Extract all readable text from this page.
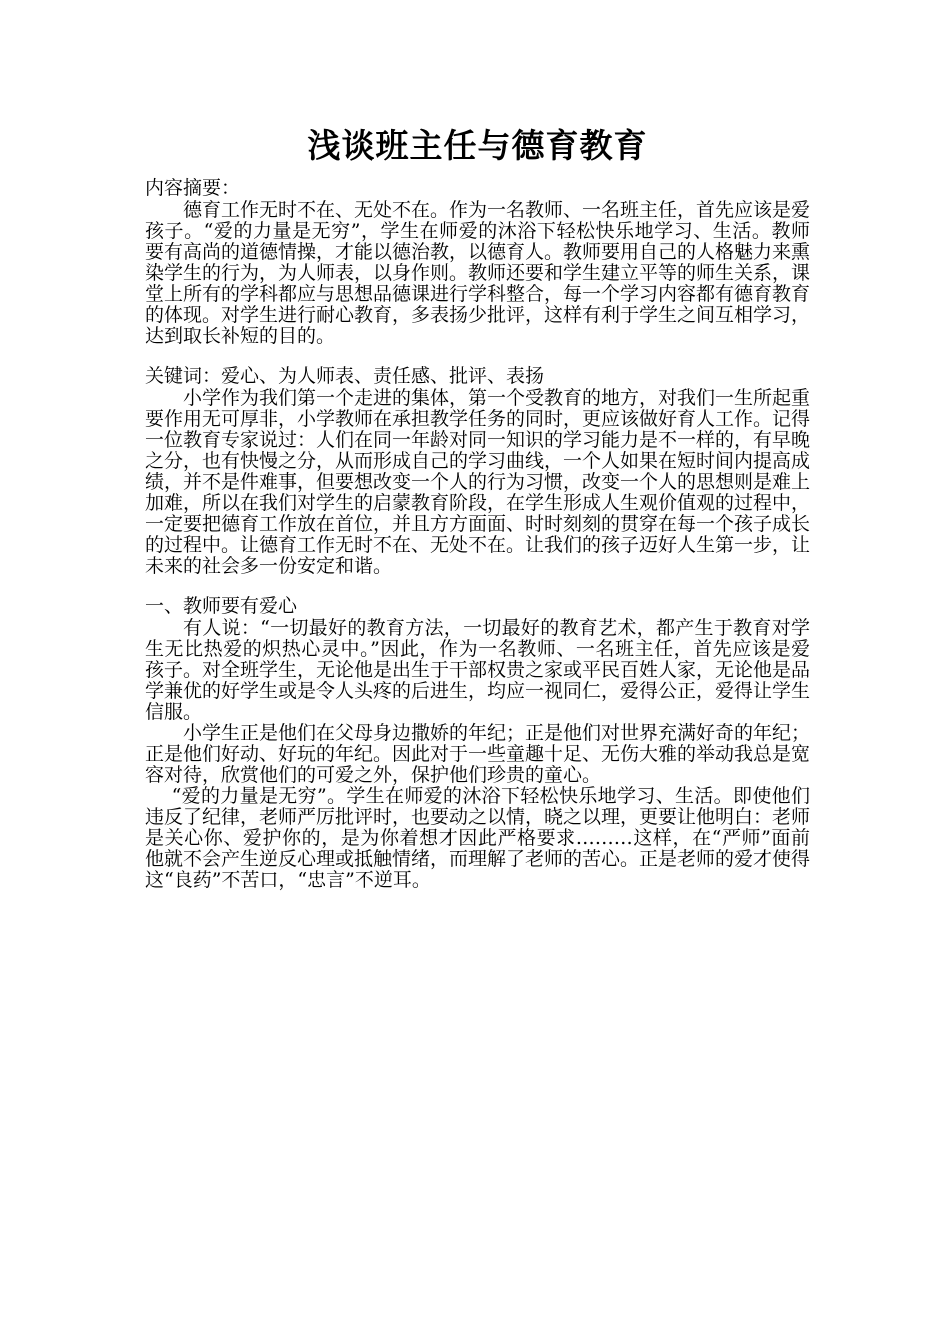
浅谈班主任与德育教育
内容摘要：

德育工作无时不在、无处不在。作为一名教师、一名班主任，首先应该是爱孩子。“爱的力量是无穷”，学生在师爱的沐浴下轻松快乐地学习、生活。教师要有高尚的道德情操，才能以德治教，以德育人。教师要用自己的人格魅力来熏染学生的行为，为人师表，以身作则。教师还要和学生建立平等的师生关系，课堂上所有的学科都应与思想品德课进行学科整合，每一个学习内容都有德育教育的体现。对学生进行耐心教育，多表扬少批评，这样有利于学生之间互相学习，达到取长补短的目的。

关键词：爱心、为人师表、责任感、批评、表扬

小学作为我们第一个走进的集体，第一个受教育的地方，对我们一生所起重要作用无可厚非，小学教师在承担教学任务的同时，更应该做好育人工作。记得一位教育专家说过：人们在同一年龄对同一知识的学习能力是不一样的，有早晚之分，也有快慢之分，从而形成自己的学习曲线，一个人如果在短时间内提高成绩，并不是件难事，但要想改变一个人的行为习惯，改变一个人的思想则是难上加难，所以在我们对学生的启蒙教育阶段，在学生形成人生观价值观的过程中，一定要把德育工作放在首位，并且方方面面、时时刻刻的贯穿在每一个孩子成长的过程中。让德育工作无时不在、无处不在。让我们的孩子迈好人生第一步，让未来的社会多一份安定和谐。

一、教师要有爱心

有人说：“一切最好的教育方法，一切最好的教育艺术，都产生于教育对学生无比热爱的炽热心灵中。”因此，作为一名教师、一名班主任，首先应该是爱孩子。对全班学生，无论他是出生于干部权贵之家或平民百姓人家，无论他是品学兼优的好学生或是令人头疼的后进生，均应一视同仁，爱得公正，爱得让学生信服。

小学生正是他们在父母身边撒娇的年纪；正是他们对世界充满好奇的年纪；正是他们好动、好玩的年纪。因此对于一些童趣十足、无伤大雅的举动我总是宽容对待，欣赏他们的可爱之外，保护他们珍贵的童心。

“爱的力量是无穷”。学生在师爱的沐浴下轻松快乐地学习、生活。即使他们违反了纪律，老师严厉批评时，也要动之以情，晓之以理，更要让他明白：老师是关心你、爱护你的，是为你着想才因此严格要求………这样，在“严师”面前他就不会产生逆反心理或抵触情绪，而理解了老师的苦心。正是老师的爱才使得这“良药”不苦口，“忠言”不逆耳。
